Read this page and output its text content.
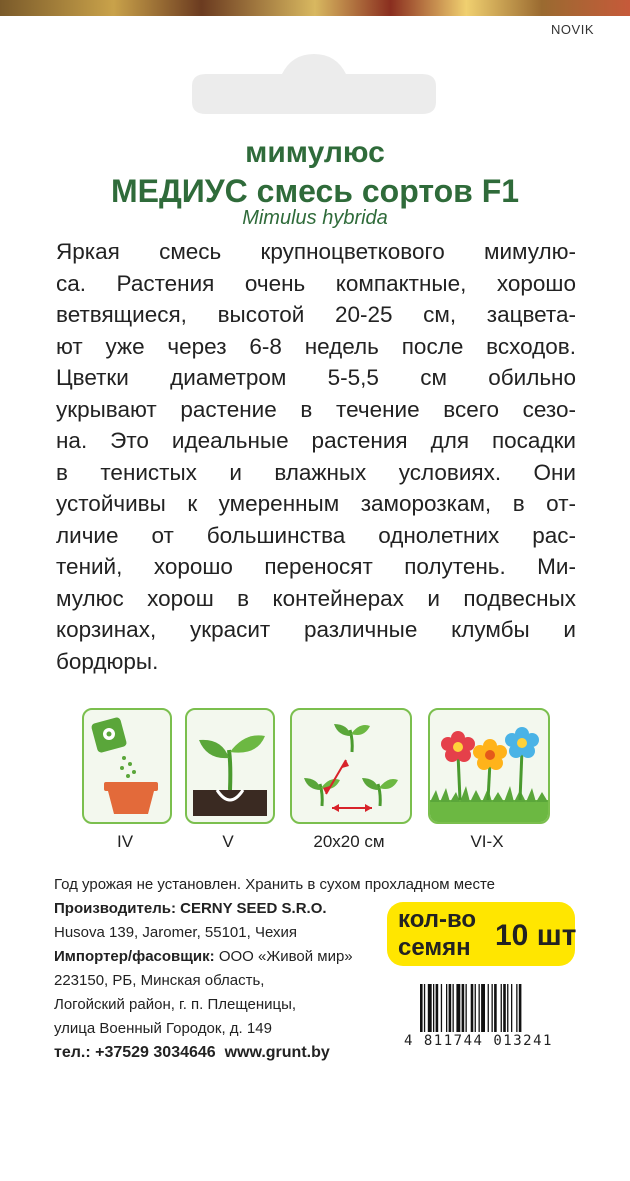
NOVIK
мимулюс
МЕДИУС смесь сортов F1
Mimulus hybrida
Яркая смесь крупноцветкового мимулю-
са. Растения очень компактные, хорошо
ветвящиеся, высотой 20-25 см, зацвета-
ют уже через 6-8 недель после всходов.
Цветки диаметром 5-5,5 см обильно
укрывают растение в течение всего сезо-
на. Это идеальные растения для посадки
в тенистых и влажных условиях. Они
устойчивы к умеренным заморозкам, в от-
личие от большинства однолетних рас-
тений, хорошо переносят полутень. Ми-
мулюс хорош в контейнерах и подвесных
корзинах, украсит различные клумбы и
бордюры.
IV	V	20x20 см	VI-X
Год урожая не установлен. Хранить в сухом прохладном месте
Производитель: CERNY SEED S.R.O.
Husova 139, Jaromer, 55101, Чехия
Импортер/фасовщик: ООО «Живой мир»
223150, РБ, Минская область,
Логойский район, г. п. Плещеницы,
улица Военный Городок, д. 149
тел.: +37529 3034646  www.grunt.by
кол-во
семян 10 шт
4 811744 013241
